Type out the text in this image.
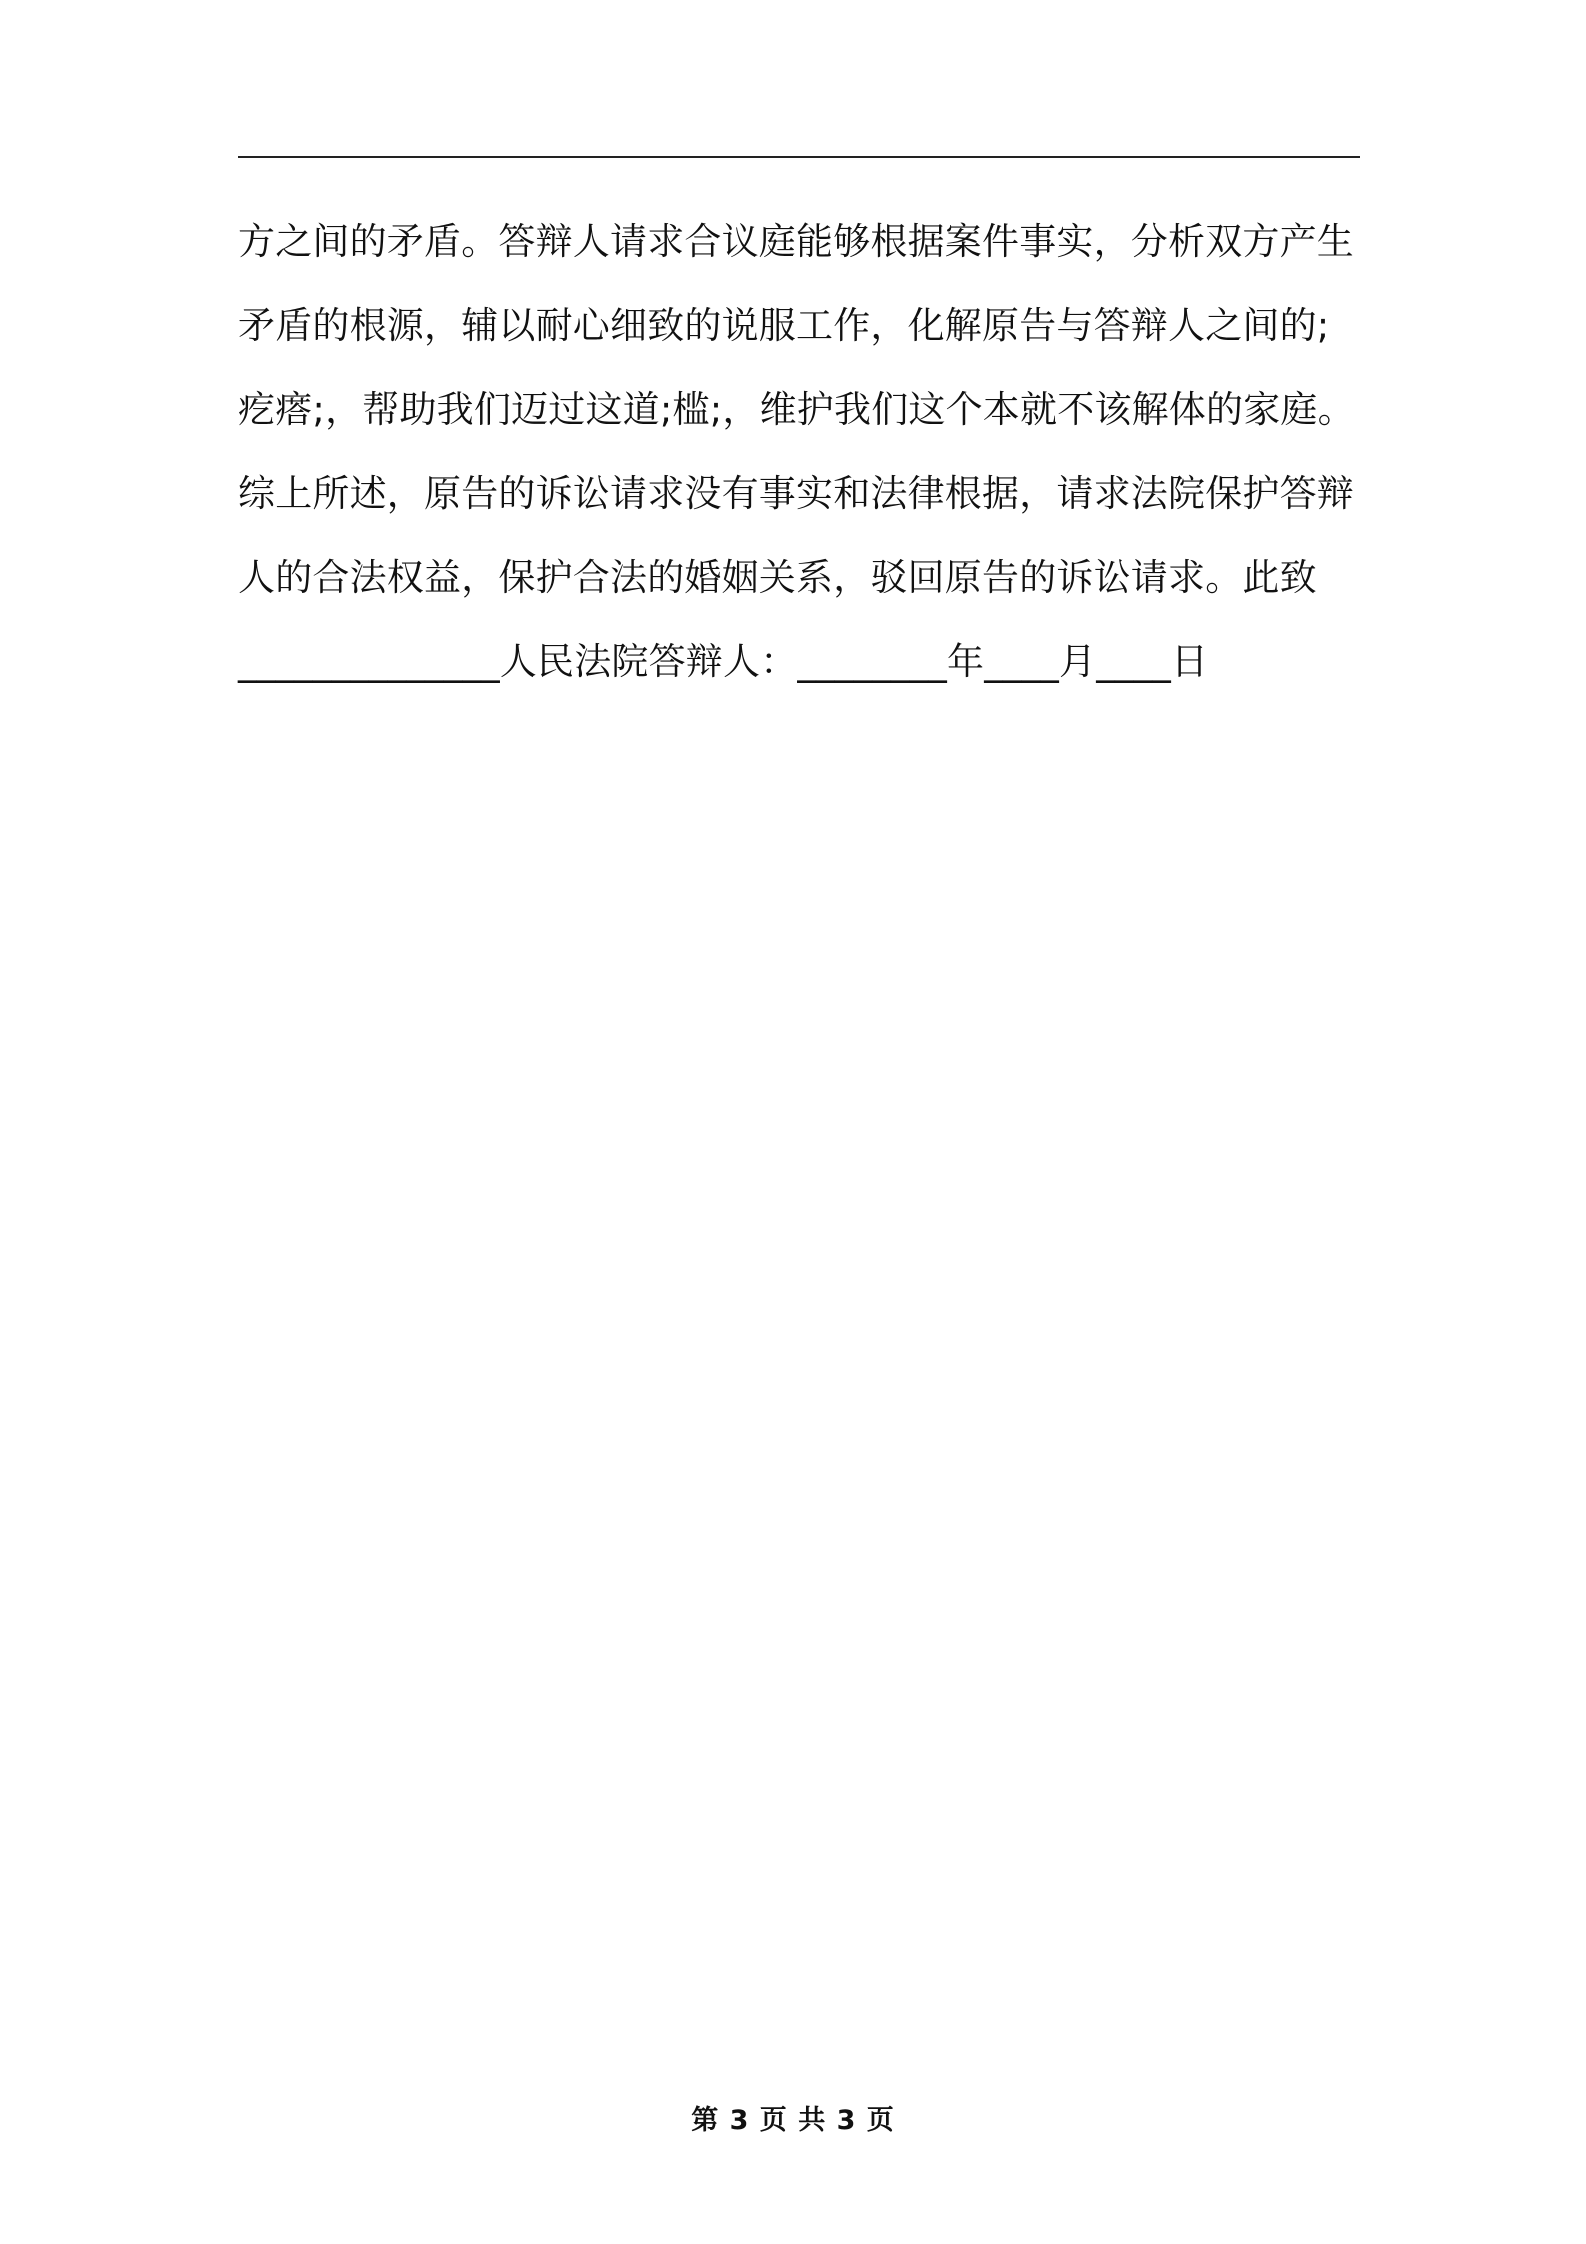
方之间的矛盾。答辩人请求合议庭能够根据案件事实，分析双方产生
矛盾的根源，辅以耐心细致的说服工作，化解原告与答辩人之间的;
疙瘩;，帮助我们迈过这道;槛;，维护我们这个本就不该解体的家庭。
综上所述，原告的诉讼请求没有事实和法律根据，请求法院保护答辩
人的合法权益，保护合法的婚姻关系，驳回原告的诉讼请求。此致
______________人民法院答辩人：________年____月____日
第 3 页 共 3 页
